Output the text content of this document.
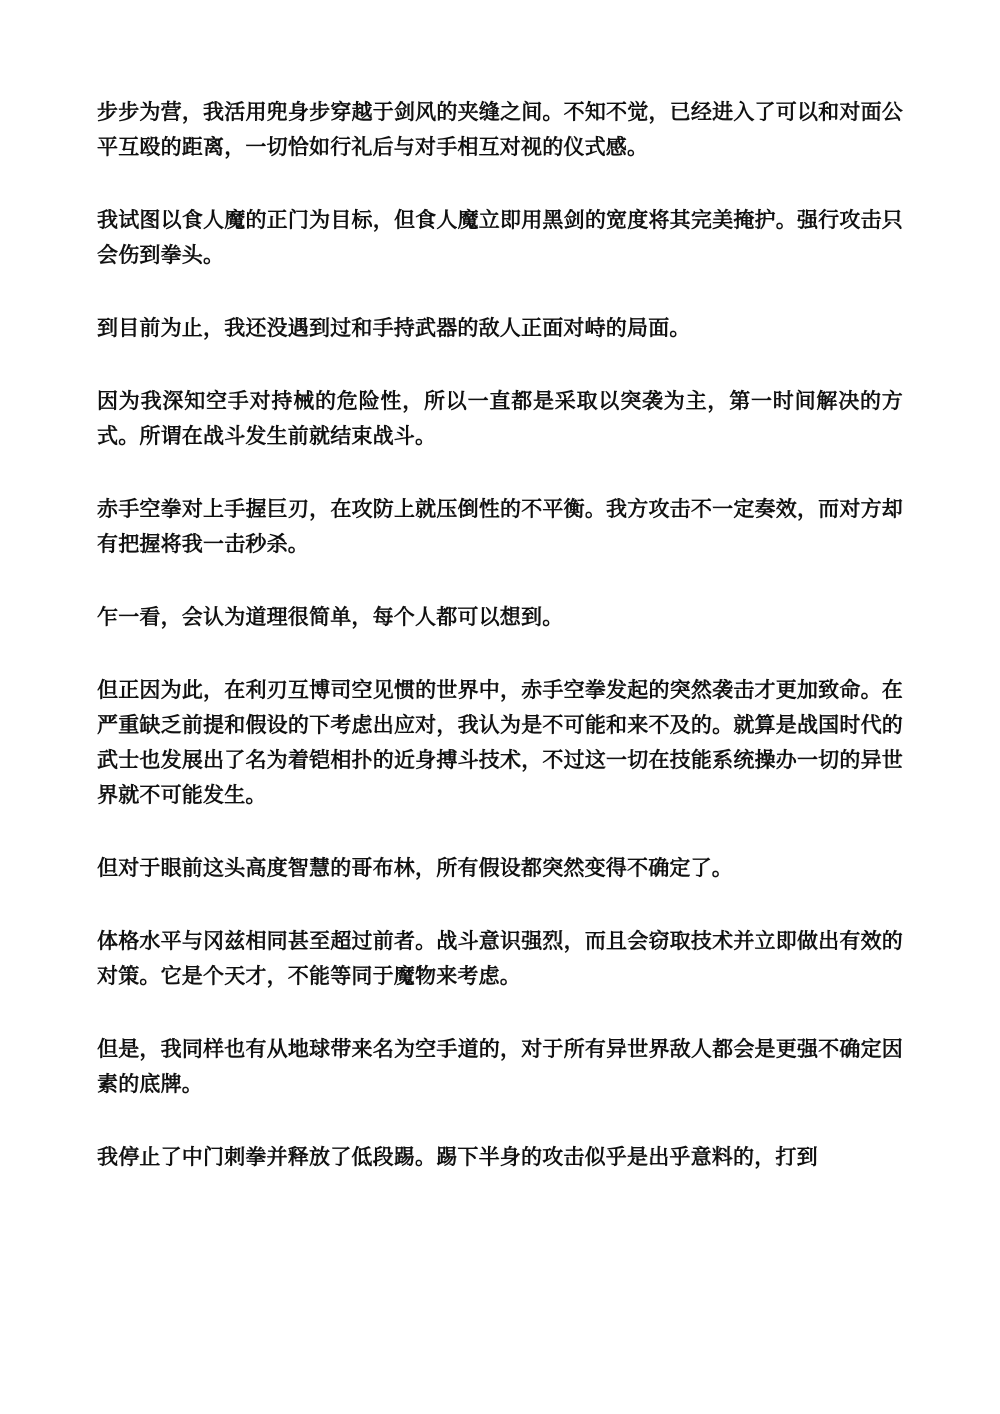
步步为营，我活用兜身步穿越于剑风的夹缝之间。不知不觉，已经进入了可以和对面公平互殴的距离，一切恰如行礼后与对手相互对视的仪式感。

我试图以食人魔的正门为目标，但食人魔立即用黑剑的宽度将其完美掩护。强行攻击只会伤到拳头。

到目前为止，我还没遇到过和手持武器的敌人正面对峙的局面。

因为我深知空手对持械的危险性，所以一直都是采取以突袭为主，第一时间解决的方式。所谓在战斗发生前就结束战斗。

赤手空拳对上手握巨刃，在攻防上就压倒性的不平衡。我方攻击不一定奏效，而对方却有把握将我一击秒杀。

乍一看，会认为道理很简单，每个人都可以想到。

但正因为此，在利刃互博司空见惯的世界中，赤手空拳发起的突然袭击才更加致命。在严重缺乏前提和假设的下考虑出应对，我认为是不可能和来不及的。就算是战国时代的武士也发展出了名为着铠相扑的近身搏斗技术，不过这一切在技能系统操办一切的异世界就不可能发生。

但对于眼前这头高度智慧的哥布林，所有假设都突然变得不确定了。

体格水平与冈兹相同甚至超过前者。战斗意识强烈，而且会窃取技术并立即做出有效的对策。它是个天才，不能等同于魔物来考虑。

但是，我同样也有从地球带来名为空手道的，对于所有异世界敌人都会是更强不确定因素的底牌。

我停止了中门刺拳并释放了低段踢。踢下半身的攻击似乎是出乎意料的，打到
